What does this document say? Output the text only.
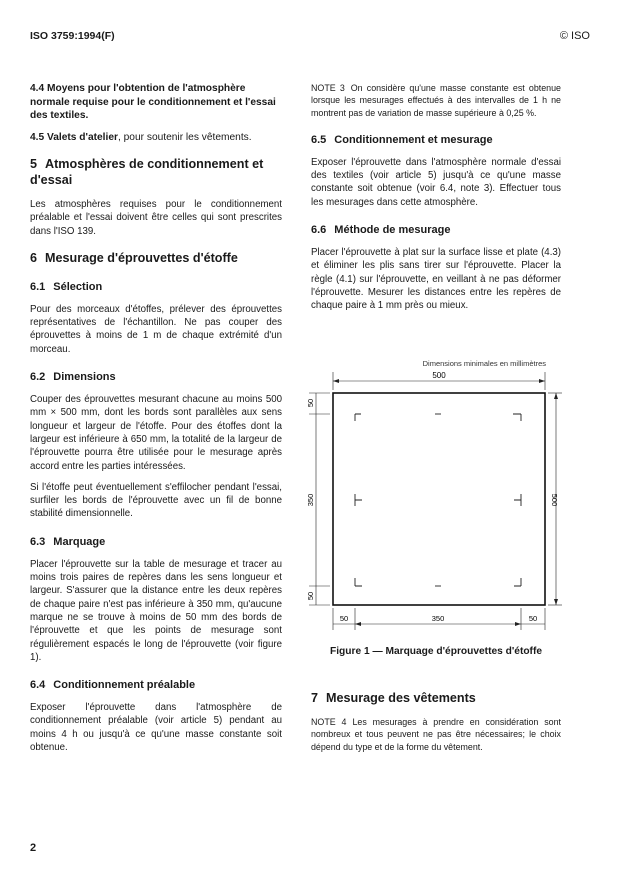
ISO 3759:1994(F)	© ISO

4.4 Moyens pour l'obtention de l'atmosphère normale requise pour le conditionnement et l'essai des textiles.

4.5 Valets d'atelier, pour soutenir les vêtements.

5 Atmosphères de conditionnement et d'essai

Les atmosphères requises pour le conditionnement préalable et l'essai doivent être celles qui sont prescrites dans l'ISO 139.

6 Mesurage d'éprouvettes d'étoffe
6.1 Sélection

Pour des morceaux d'étoffes, prélever des éprouvettes représentatives de l'échantillon. Ne pas couper des éprouvettes à moins de 1 m de chaque extrémité d'un morceau.

6.2 Dimensions

Couper des éprouvettes mesurant chacune au moins 500 mm × 500 mm, dont les bords sont parallèles aux sens longueur et largeur de l'étoffe. Pour des étoffes dont la largeur est inférieure à 650 mm, la totalité de la largeur de l'éprouvette pourra être utilisée pour le mesurage après accord entre les parties intéressées.

Si l'étoffe peut éventuellement s'effilocher pendant l'essai, surfiler les bords de l'éprouvette avec un fil de bonne stabilité dimensionnelle.

6.3 Marquage

Placer l'éprouvette sur la table de mesurage et tracer au moins trois paires de repères dans les sens longueur et largeur. S'assurer que la distance entre les deux repères de chaque paire n'est pas inférieure à 350 mm, qu'aucune marque ne se trouve à moins de 50 mm des bords de l'éprouvette et que les points de mesurage sont régulièrement espacés le long de l'éprouvette (voir figure 1).

6.4 Conditionnement préalable

Exposer l'éprouvette dans l'atmosphère de conditionnement préalable (voir article 5) pendant au moins 4 h ou jusqu'à ce qu'une masse constante soit obtenue.

NOTE 3 On considère qu'une masse constante est obtenue lorsque les mesurages effectués à des intervalles de 1 h ne montrent pas de variation de masse supérieure à 0,25 %.

6.5 Conditionnement et mesurage

Exposer l'éprouvette dans l'atmosphère normale d'essai des textiles (voir article 5) jusqu'à ce qu'une masse constante soit obtenue (voir 6.4, note 3). Effectuer tous les mesurages dans cette atmosphère.

6.6 Méthode de mesurage

Placer l'éprouvette à plat sur la surface lisse et plate (4.3) et éliminer les plis sans tirer sur l'éprouvette. Placer la règle (4.1) sur l'éprouvette, en veillant à ne pas déformer l'éprouvette. Mesurer les distances entre les repères de chaque paire à 1 mm près ou mieux.

Dimensions minimales en millimètres
500
50
350
50
500
50	350	50
Figure 1 — Marquage d'éprouvettes d'étoffe
7 Mesurage des vêtements

NOTE 4 Les mesurages à prendre en considération sont nombreux et tous peuvent ne pas être nécessaires; le choix dépend du type et de la forme du vêtement.

2
